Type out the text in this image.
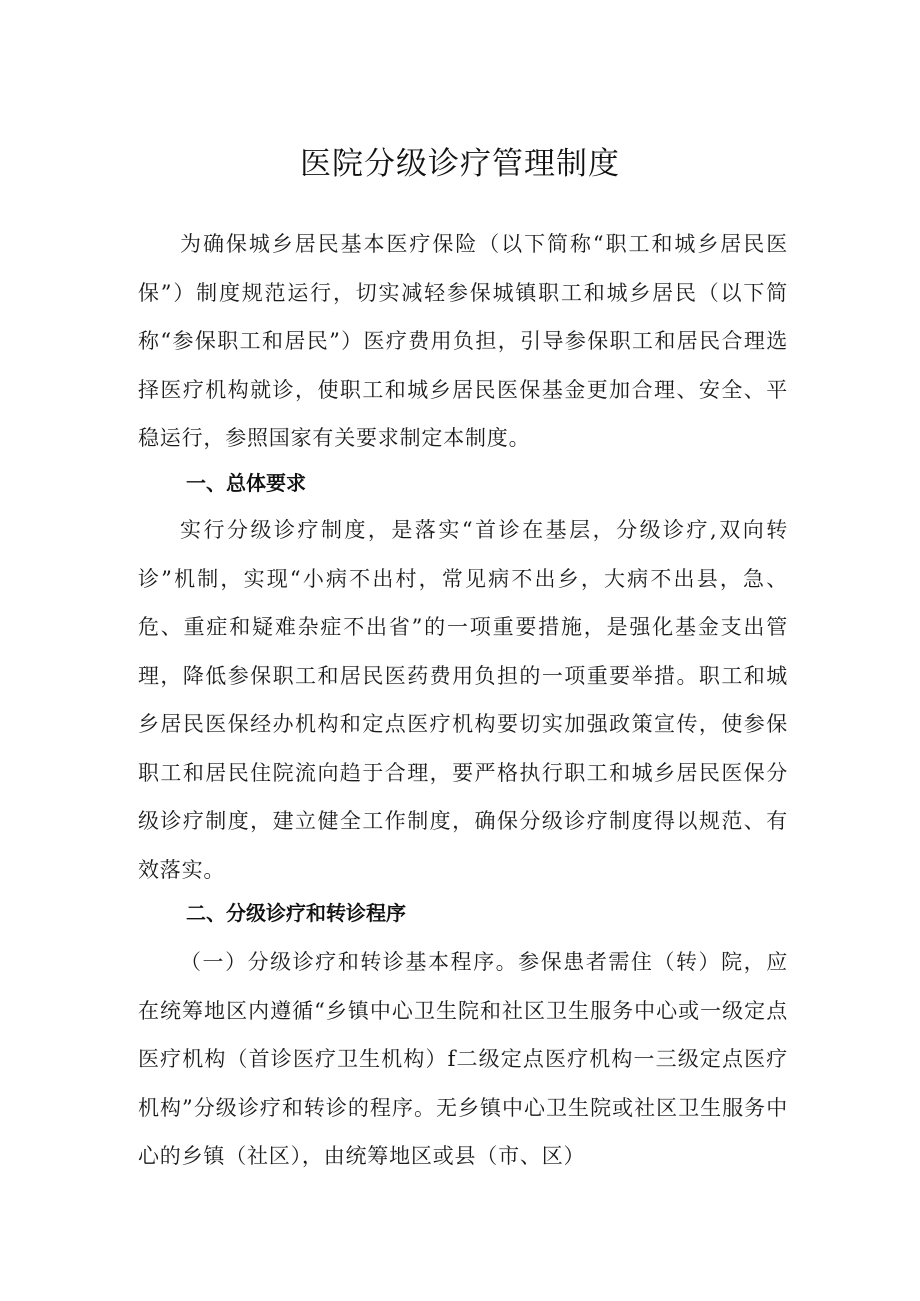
医院分级诊疗管理制度

为确保城乡居民基本医疗保险（以下简称“职工和城乡居民医保”）制度规范运行，切实减轻参保城镇职工和城乡居民（以下简称“参保职工和居民”）医疗费用负担，引导参保职工和居民合理选择医疗机构就诊，使职工和城乡居民医保基金更加合理、安全、平稳运行，参照国家有关要求制定本制度。

一、总体要求

实行分级诊疗制度，是落实“首诊在基层，分级诊疗,双向转诊”机制，实现“小病不出村，常见病不出乡，大病不出县，急、危、重症和疑难杂症不出省”的一项重要措施，是强化基金支出管理，降低参保职工和居民医药费用负担的一项重要举措。职工和城乡居民医保经办机构和定点医疗机构要切实加强政策宣传，使参保职工和居民住院流向趋于合理，要严格执行职工和城乡居民医保分级诊疗制度，建立健全工作制度，确保分级诊疗制度得以规范、有效落实。

二、分级诊疗和转诊程序

（一）分级诊疗和转诊基本程序。参保患者需住（转）院，应在统筹地区内遵循“乡镇中心卫生院和社区卫生服务中心或一级定点医疗机构（首诊医疗卫生机构）f二级定点医疗机构一三级定点医疗机构”分级诊疗和转诊的程序。无乡镇中心卫生院或社区卫生服务中心的乡镇（社区），由统筹地区或县（市、区）
